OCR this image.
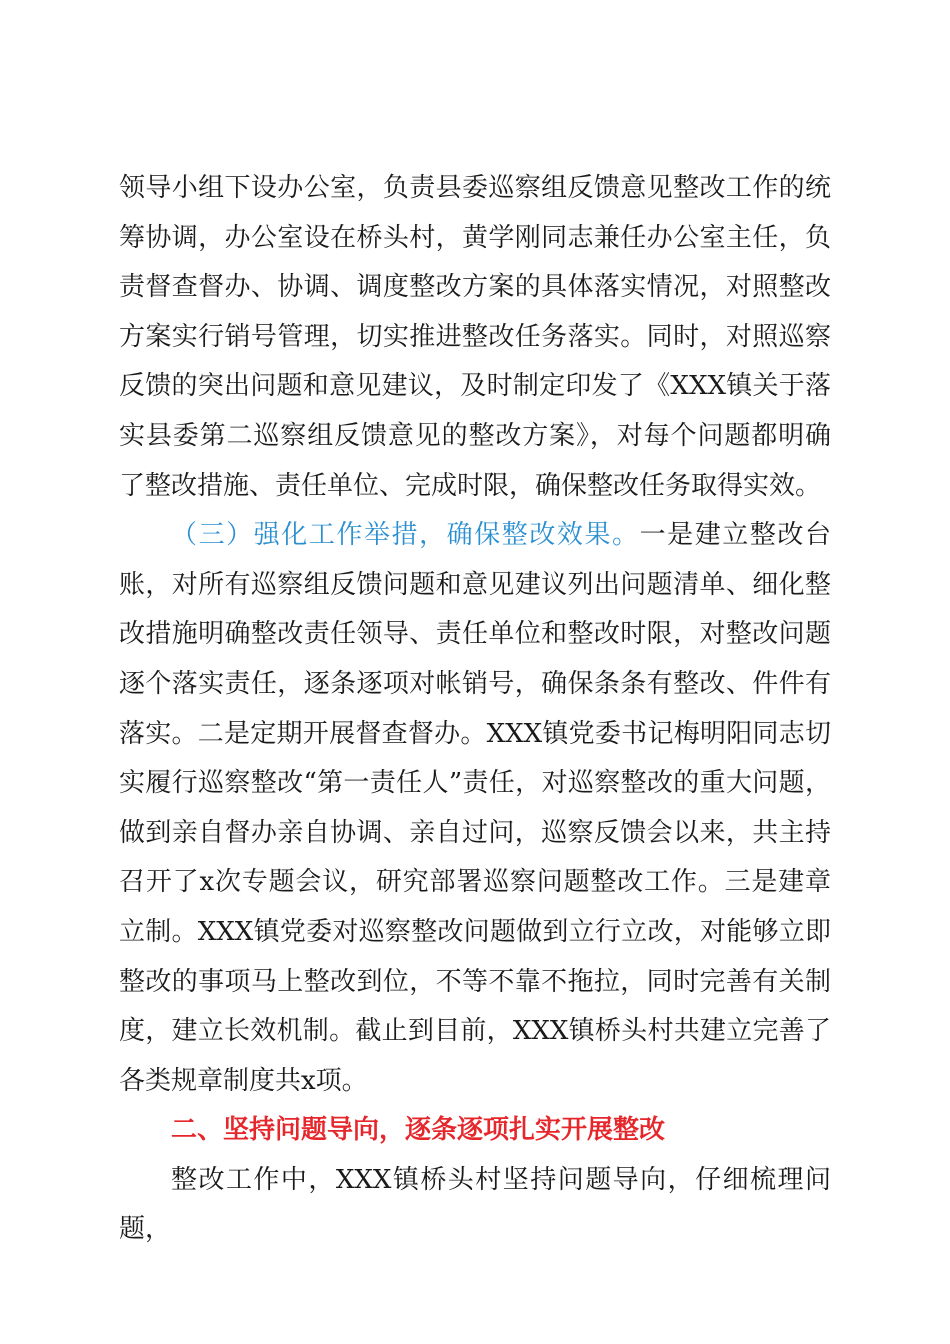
领导小组下设办公室，负责县委巡察组反馈意见整改工作的统筹协调，办公室设在桥头村，黄学刚同志兼任办公室主任，负责督查督办、协调、调度整改方案的具体落实情况，对照整改方案实行销号管理，切实推进整改任务落实。同时，对照巡察反馈的突出问题和意见建议，及时制定印发了《XXX镇关于落实县委第二巡察组反馈意见的整改方案》，对每个问题都明确了整改措施、责任单位、完成时限，确保整改任务取得实效。

（三）强化工作举措，确保整改效果。一是建立整改台账，对所有巡察组反馈问题和意见建议列出问题清单、细化整改措施明确整改责任领导、责任单位和整改时限，对整改问题逐个落实责任，逐条逐项对帐销号，确保条条有整改、件件有落实。二是定期开展督查督办。XXX镇党委书记梅明阳同志切实履行巡察整改“第一责任人”责任，对巡察整改的重大问题，做到亲自督办亲自协调、亲自过问，巡察反馈会以来，共主持召开了x次专题会议，研究部署巡察问题整改工作。三是建章立制。XXX镇党委对巡察整改问题做到立行立改，对能够立即整改的事项马上整改到位，不等不靠不拖拉，同时完善有关制度，建立长效机制。截止到目前，XXX镇桥头村共建立完善了各类规章制度共x项。

二、坚持问题导向，逐条逐项扎实开展整改

整改工作中，XXX镇桥头村坚持问题导向，仔细梳理问题，
